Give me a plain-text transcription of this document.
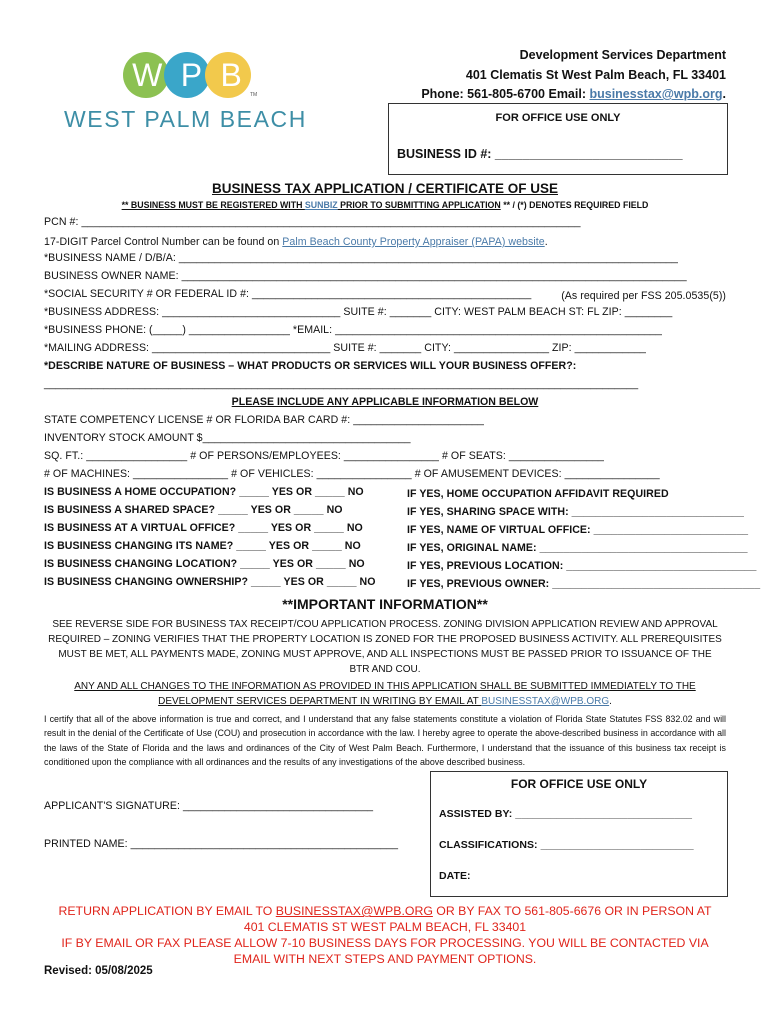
W P B
TM
WEST PALM BEACH
Development Services Department
401 Clematis St West Palm Beach, FL 33401
Phone: 561-805-6700 Email: businesstax@wpb.org.
FOR OFFICE USE ONLY
BUSINESS ID #: ___________________________
BUSINESS TAX APPLICATION / CERTIFICATE OF USE
** BUSINESS MUST BE REGISTERED WITH SUNBIZ PRIOR TO SUBMITTING APPLICATION ** / (*) DENOTES REQUIRED FIELD
PCN #: ____________________________________________________________________________________
17-DIGIT Parcel Control Number can be found on Palm Beach County Property Appraiser (PAPA) website.
*BUSINESS NAME / D/B/A: ____________________________________________________________________________________
BUSINESS OWNER NAME: _____________________________________________________________________________________
*SOCIAL SECURITY # OR FEDERAL ID #: _______________________________________________	(As required per FSS 205.0535(5))
*BUSINESS ADDRESS: ______________________________ SUITE #: _______ CITY: WEST PALM BEACH ST: FL ZIP: ________
*BUSINESS PHONE: (_____) _________________ *EMAIL: _______________________________________________________
*MAILING ADDRESS: ______________________________ SUITE #: _______ CITY: ________________ ZIP: ____________
*DESCRIBE NATURE OF BUSINESS – WHAT PRODUCTS OR SERVICES WILL YOUR BUSINESS OFFER?:
____________________________________________________________________________________________________
PLEASE INCLUDE ANY APPLICABLE INFORMATION BELOW
STATE COMPETENCY LICENSE # OR FLORIDA BAR CARD #: ______________________
INVENTORY STOCK AMOUNT $___________________________________
SQ. FT.: _________________ # OF PERSONS/EMPLOYEES: ________________ # OF SEATS: ________________
# OF MACHINES: ________________ # OF VEHICLES: ________________ # OF AMUSEMENT DEVICES: ________________
IS BUSINESS A HOME OCCUPATION? _____ YES OR _____ NO	IF YES, HOME OCCUPATION AFFIDAVIT REQUIRED
IS BUSINESS A SHARED SPACE? _____ YES OR _____ NO	IF YES, SHARING SPACE WITH: _____________________________
IS BUSINESS AT A VIRTUAL OFFICE? _____ YES OR _____ NO	IF YES, NAME OF VIRTUAL OFFICE: __________________________
IS BUSINESS CHANGING ITS NAME? _____ YES OR _____ NO	IF YES, ORIGINAL NAME: ___________________________________
IS BUSINESS CHANGING LOCATION? _____ YES OR _____ NO	IF YES, PREVIOUS LOCATION: ________________________________
IS BUSINESS CHANGING OWNERSHIP? _____ YES OR _____ NO	IF YES, PREVIOUS OWNER: ___________________________________
**IMPORTANT INFORMATION**
SEE REVERSE SIDE FOR BUSINESS TAX RECEIPT/COU APPLICATION PROCESS. ZONING DIVISION APPLICATION REVIEW AND APPROVAL REQUIRED – ZONING VERIFIES THAT THE PROPERTY LOCATION IS ZONED FOR THE PROPOSED BUSINESS ACTIVITY. ALL PREREQUISITES MUST BE MET, ALL PAYMENTS MADE, ZONING MUST APPROVE, AND ALL INSPECTIONS MUST BE PASSED PRIOR TO ISSUANCE OF THE BTR AND COU.
ANY AND ALL CHANGES TO THE INFORMATION AS PROVIDED IN THIS APPLICATION SHALL BE SUBMITTED IMMEDIATELY TO THE DEVELOPMENT SERVICES DEPARTMENT IN WRITING BY EMAIL AT BUSINESSTAX@WPB.ORG.
I certify that all of the above information is true and correct, and I understand that any false statements constitute a violation of Florida State Statutes FSS 832.02 and will result in the denial of the Certificate of Use (COU) and prosecution in accordance with the law. I hereby agree to operate the above-described business in accordance with all the laws of the State of Florida and the laws and ordinances of the City of West Palm Beach. Furthermore, I understand that the issuance of this business tax receipt is conditioned upon the compliance with all ordinances and the results of any investigations of the above described business.
APPLICANT'S SIGNATURE: ________________________________
PRINTED NAME: _____________________________________________
FOR OFFICE USE ONLY
ASSISTED BY: ______________________________
CLASSIFICATIONS: __________________________
DATE:
RETURN APPLICATION BY EMAIL TO BUSINESSTAX@WPB.ORG OR BY FAX TO 561-805-6676 OR IN PERSON AT
401 CLEMATIS ST WEST PALM BEACH, FL 33401
IF BY EMAIL OR FAX PLEASE ALLOW 7-10 BUSINESS DAYS FOR PROCESSING. YOU WILL BE CONTACTED VIA
EMAIL WITH NEXT STEPS AND PAYMENT OPTIONS.
Revised: 05/08/2025
